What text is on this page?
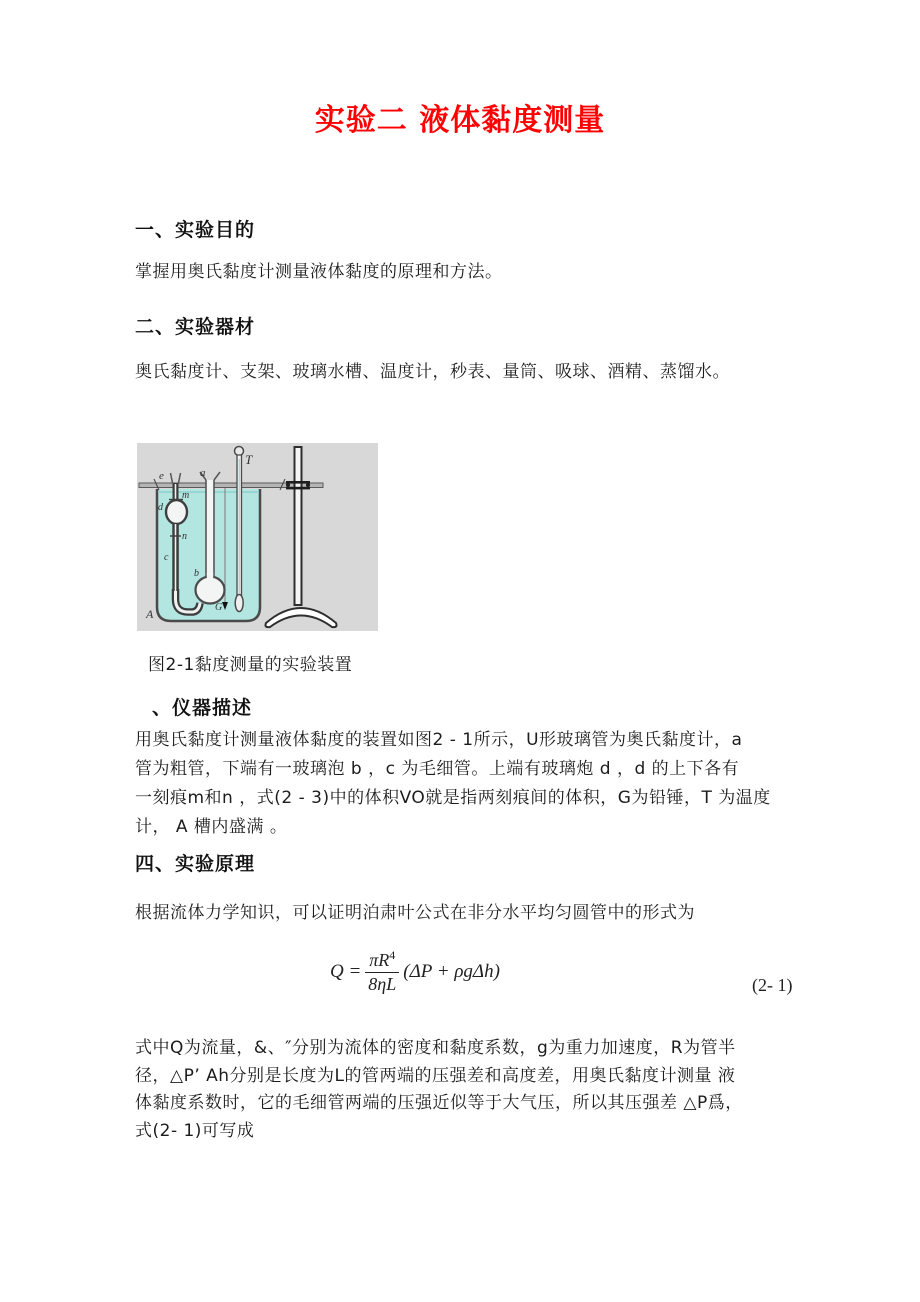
实验二 液体黏度测量
一、实验目的
掌握用奥氏黏度计测量液体黏度的原理和方法。
二、实验器材
奥氏黏度计、支架、玻璃水槽、温度计，秒表、量筒、吸球、酒精、蒸馏水。
e	a
T
m
d
n
c
b
G
A
图2-1黏度测量的实验装置
、仪器描述
用奥氏黏度计测量液体黏度的装置如图2 - 1所示，U形玻璃管为奥氏黏度计，a
管为粗管，下端有一玻璃泡 b ，c 为毛细管。上端有玻璃炮 d ，d 的上下各有
一刻痕m和n ，式(2 - 3)中的体积VO就是指两刻痕间的体积，G为铅锤，T 为温度
计， A 槽内盛满 。
四、实验原理
根据流体力学知识，可以证明泊肃叶公式在非分水平均匀圆管中的形式为
$Q = \frac{\pi R^4}{8\eta L} (\Delta P + \rho g\Delta h)$
(2- 1)
式中Q为流量，&、″分别为流体的密度和黏度系数，g为重力加速度，R为管半
径，△P’ Ah分别是长度为L的管两端的压强差和高度差，用奥氏黏度计测量 液
体黏度系数时，它的毛细管两端的压强近似等于大气压，所以其压强差 △P爲，
式(2- 1)可写成
